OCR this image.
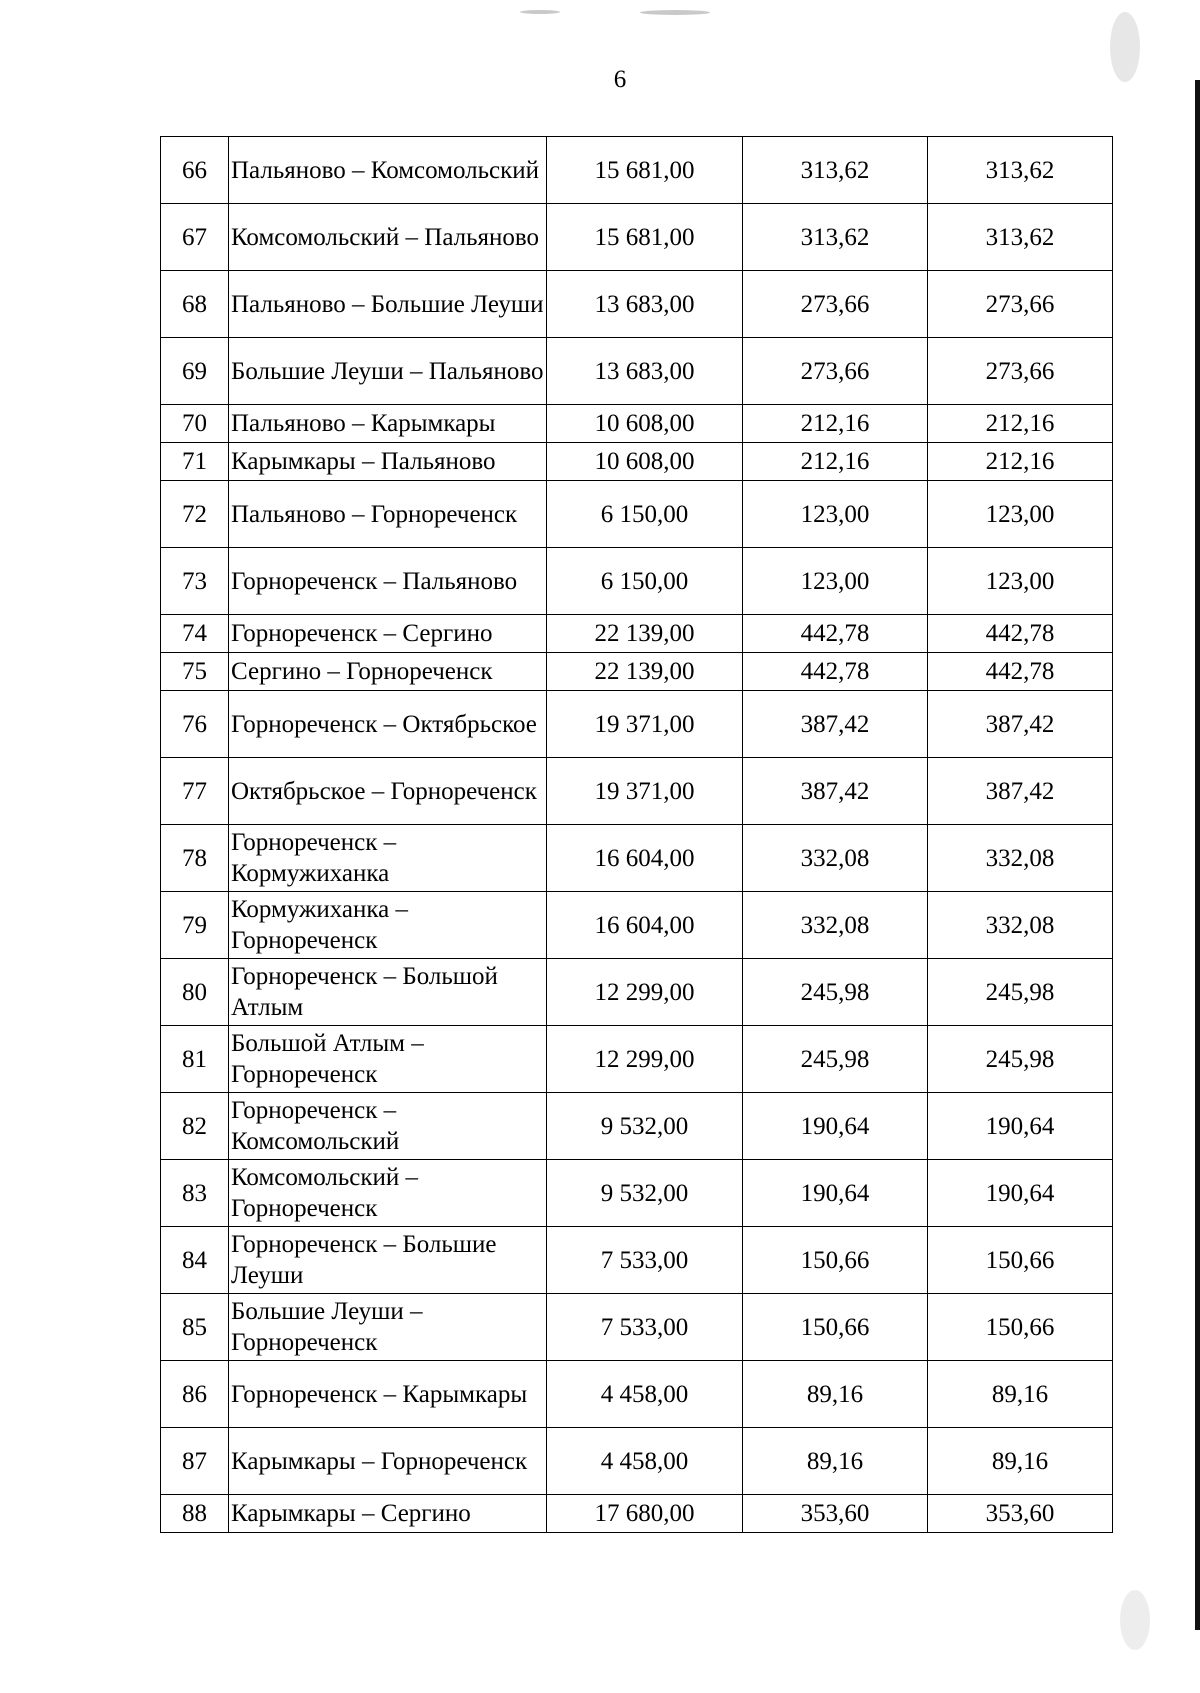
6
66	Пальяново – Комсомольский	15 681,00	313,62	313,62
67	Комсомольский – Пальяново	15 681,00	313,62	313,62
68	Пальяново – Большие Леуши	13 683,00	273,66	273,66
69	Большие Леуши – Пальяново	13 683,00	273,66	273,66
70	Пальяново – Карымкары	10 608,00	212,16	212,16
71	Карымкары – Пальяново	10 608,00	212,16	212,16
72	Пальяново – Горнореченск	6 150,00	123,00	123,00
73	Горнореченск – Пальяново	6 150,00	123,00	123,00
74	Горнореченск – Сергино	22 139,00	442,78	442,78
75	Сергино – Горнореченск	22 139,00	442,78	442,78
76	Горнореченск – Октябрьское	19 371,00	387,42	387,42
77	Октябрьское – Горнореченск	19 371,00	387,42	387,42
78	Горнореченск – Кормужиханка	16 604,00	332,08	332,08
79	Кормужиханка – Горнореченск	16 604,00	332,08	332,08
80	Горнореченск – Большой Атлым	12 299,00	245,98	245,98
81	Большой Атлым – Горнореченск	12 299,00	245,98	245,98
82	Горнореченск – Комсомольский	9 532,00	190,64	190,64
83	Комсомольский – Горнореченск	9 532,00	190,64	190,64
84	Горнореченск – Большие Леуши	7 533,00	150,66	150,66
85	Большие Леуши – Горнореченск	7 533,00	150,66	150,66
86	Горнореченск – Карымкары	4 458,00	89,16	89,16
87	Карымкары – Горнореченск	4 458,00	89,16	89,16
88	Карымкары – Сергино	17 680,00	353,60	353,60
